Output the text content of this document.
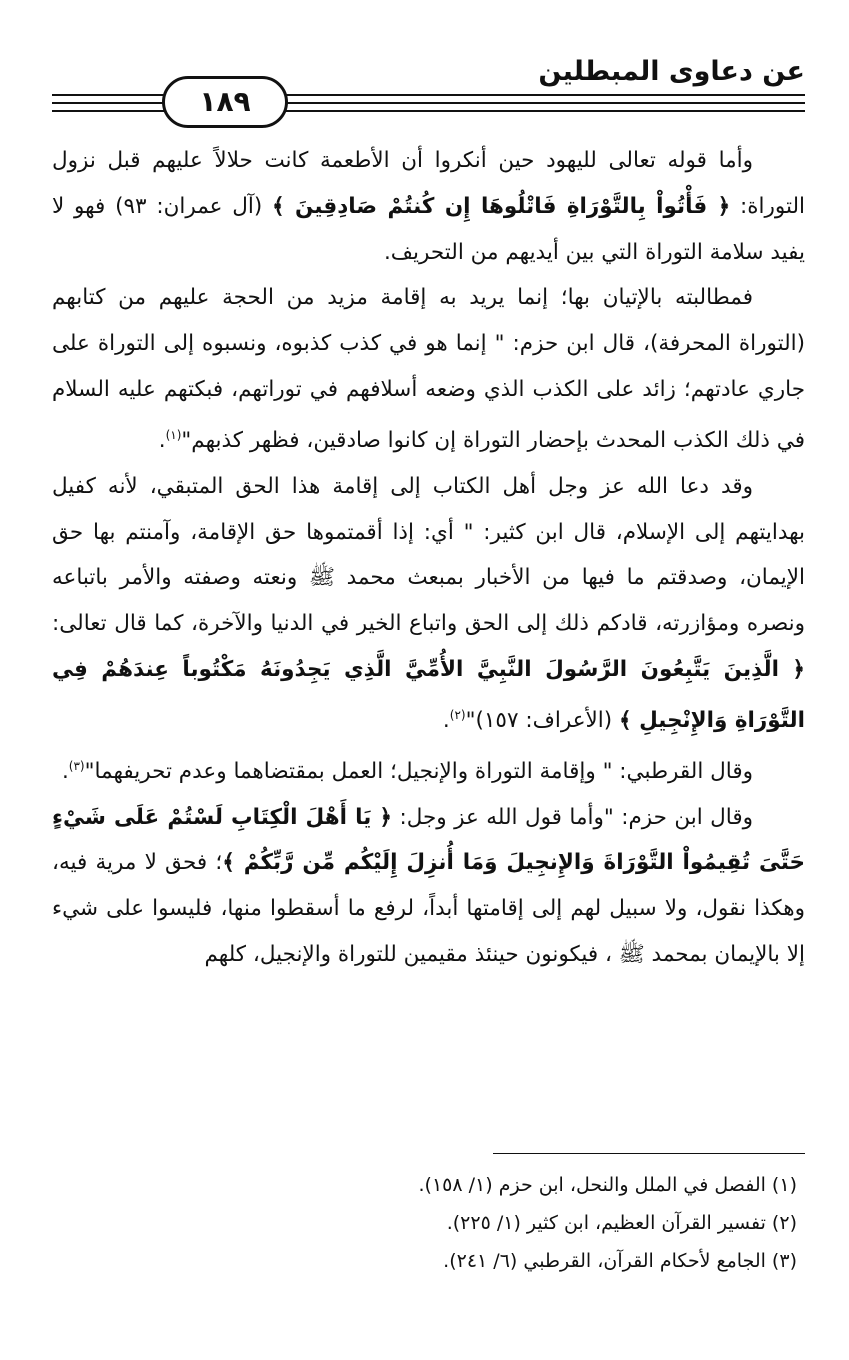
عن دعاوى المبطلين
١٨٩

وأما قوله تعالى لليهود حين أنكروا أن الأطعمة كانت حلالاً عليهم قبل نزول التوراة: ﴿ فَأْتُواْ بِالتَّوْرَاةِ فَاتْلُوهَا إِن كُنتُمْ صَادِقِينَ ﴾ (آل عمران: ٩٣) فهو لا يفيد سلامة التوراة التي بين أيديهم من التحريف.

فمطالبته بالإتيان بها؛ إنما يريد به إقامة مزيد من الحجة عليهم من كتابهم (التوراة المحرفة)، قال ابن حزم: " إنما هو في كذب كذبوه، ونسبوه إلى التوراة على جاري عادتهم؛ زائد على الكذب الذي وضعه أسلافهم في توراتهم، فبكتهم عليه السلام في ذلك الكذب المحدث بإحضار التوراة إن كانوا صادقين، فظهر كذبهم"$^{(١)}$.

وقد دعا الله عز وجل أهل الكتاب إلى إقامة هذا الحق المتبقي، لأنه كفيل بهدايتهم إلى الإسلام، قال ابن كثير: " أي: إذا أقمتموها حق الإقامة، وآمنتم بها حق الإيمان، وصدقتم ما فيها من الأخبار بمبعث محمد ﷺ ونعته وصفته والأمر باتباعه ونصره ومؤازرته، قادكم ذلك إلى الحق واتباع الخير في الدنيا والآخرة، كما قال تعالى: ﴿ الَّذِينَ يَتَّبِعُونَ الرَّسُولَ النَّبِيَّ الأُمِّيَّ الَّذِي يَجِدُونَهُ مَكْتُوباً عِندَهُمْ فِي التَّوْرَاةِ وَالإِنْجِيلِ ﴾ (الأعراف: ١٥٧)"$^{(٢)}$.

وقال القرطبي: " وإقامة التوراة والإنجيل؛ العمل بمقتضاهما وعدم تحريفهما"$^{(٣)}$.

وقال ابن حزم: "وأما قول الله عز وجل: ﴿ يَا أَهْلَ الْكِتَابِ لَسْتُمْ عَلَى شَيْءٍ حَتَّىَ تُقِيمُواْ التَّوْرَاةَ وَالإِنجِيلَ وَمَا أُنزِلَ إِلَيْكُم مِّن رَّبِّكُمْ ﴾؛ فحق لا مرية فيه، وهكذا نقول، ولا سبيل لهم إلى إقامتها أبداً، لرفع ما أسقطوا منها، فليسوا على شيء إلا بالإيمان بمحمد ﷺ ، فيكونون حينئذ مقيمين للتوراة والإنجيل، كلهم

(١) الفصل في الملل والنحل، ابن حزم (١/ ١٥٨).

(٢) تفسير القرآن العظيم، ابن كثير (١/ ٢٢٥).

(٣) الجامع لأحكام القرآن، القرطبي (٦/ ٢٤١).
